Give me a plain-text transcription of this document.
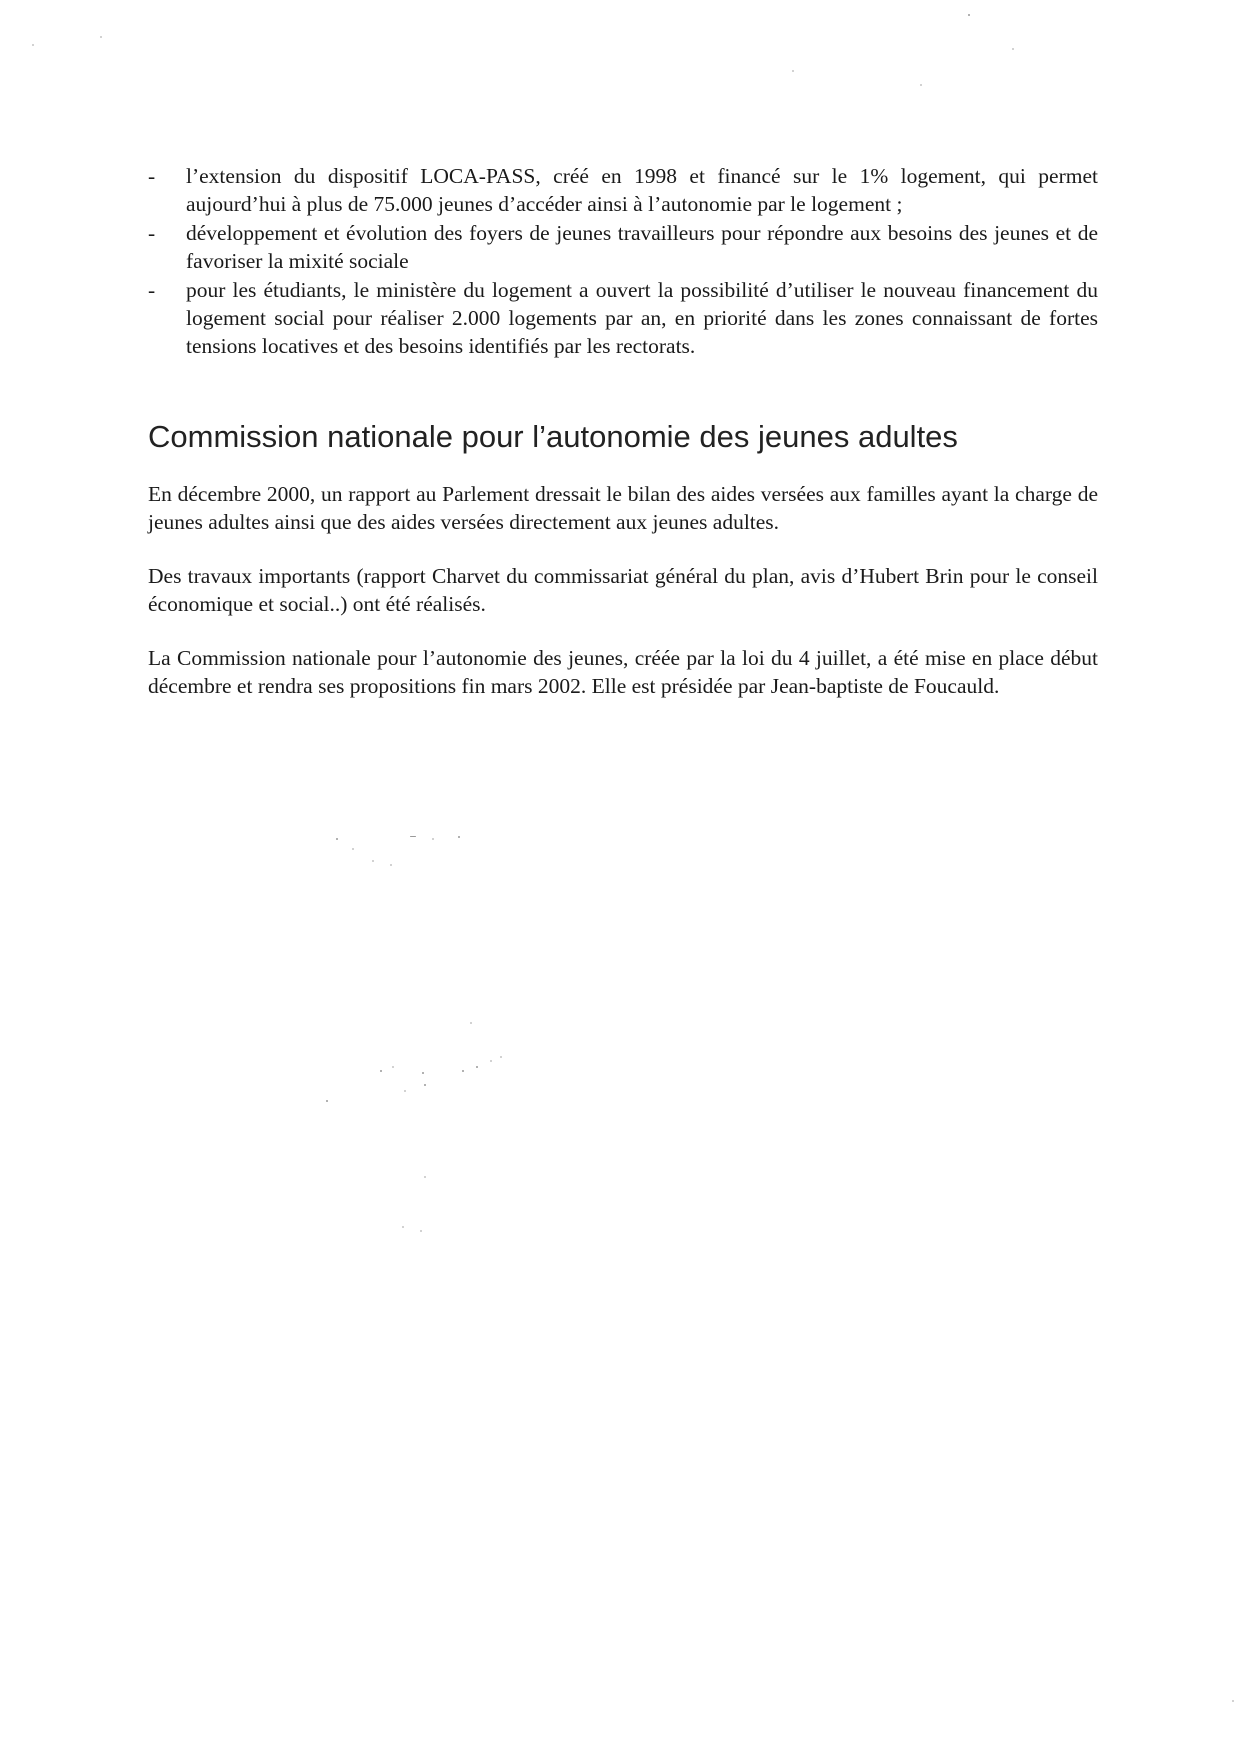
- l’extension du dispositif LOCA-PASS, créé en 1998 et financé sur le 1% logement, qui permet aujourd’hui à plus de 75.000 jeunes d’accéder ainsi à l’autonomie par le logement ;
- développement et évolution des foyers de jeunes travailleurs pour répondre aux besoins des jeunes et de favoriser la mixité sociale
- pour les étudiants, le ministère du logement a ouvert la possibilité d’utiliser le nouveau financement du logement social pour réaliser 2.000 logements par an, en priorité dans les zones connaissant de fortes tensions locatives et des besoins identifiés par les rectorats.
Commission nationale pour l’autonomie des jeunes adultes

En décembre 2000, un rapport au Parlement dressait le bilan des aides versées aux familles ayant la charge de jeunes adultes ainsi que des aides versées directement aux jeunes adultes.

Des travaux importants (rapport Charvet du commissariat général du plan, avis d’Hubert Brin pour le conseil économique et social..) ont été réalisés.

La Commission nationale pour l’autonomie des jeunes, créée par la loi du 4 juillet, a été mise en place début décembre et rendra ses propositions fin mars 2002. Elle est présidée par Jean-baptiste de Foucauld.
